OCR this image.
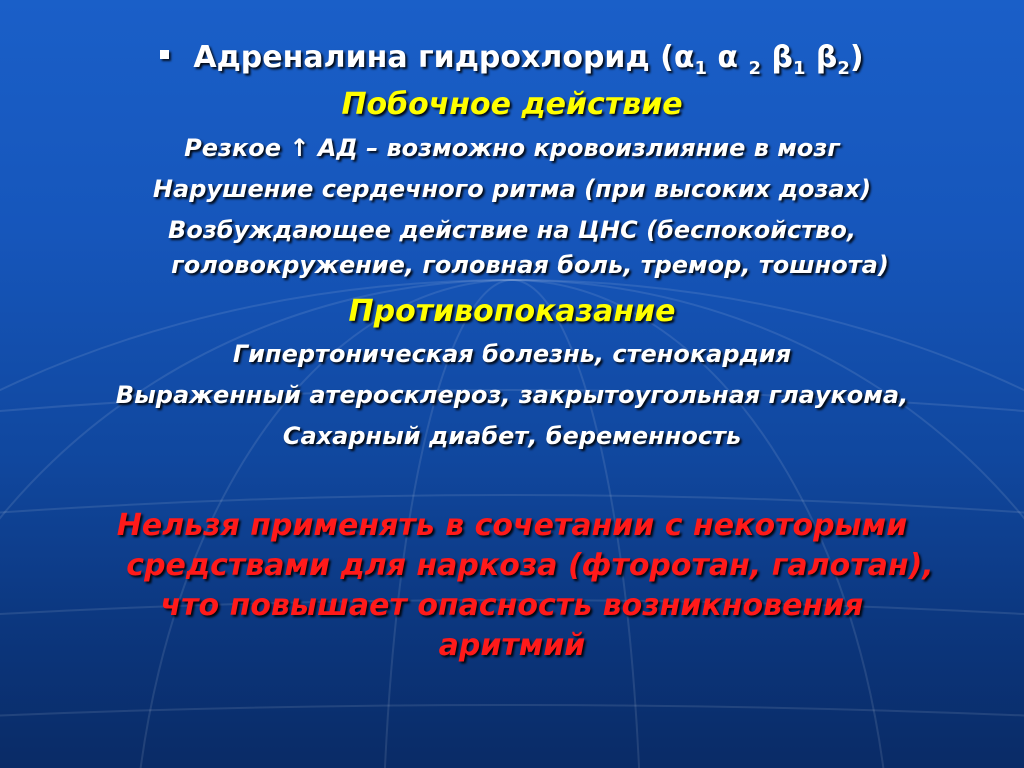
Адреналина гидрохлорид ($\alpha_1$ α $_2$ $\beta_1$ $\beta_2$)
Побочное действие
Резкое ↑ АД – возможно кровоизлияние в мозг
Нарушение сердечного ритма (при высоких дозах)
Возбуждающее действие на ЦНС (беспокойство,
головокружение, головная боль, тремор, тошнота)
Противопоказание
Гипертоническая болезнь, стенокардия
Выраженный атеросклероз, закрытоугольная глаукома,
Сахарный диабет, беременность
Нельзя применять в сочетании с некоторыми
средствами для наркоза (фторотан, галотан),
что повышает опасность возникновения
аритмий
